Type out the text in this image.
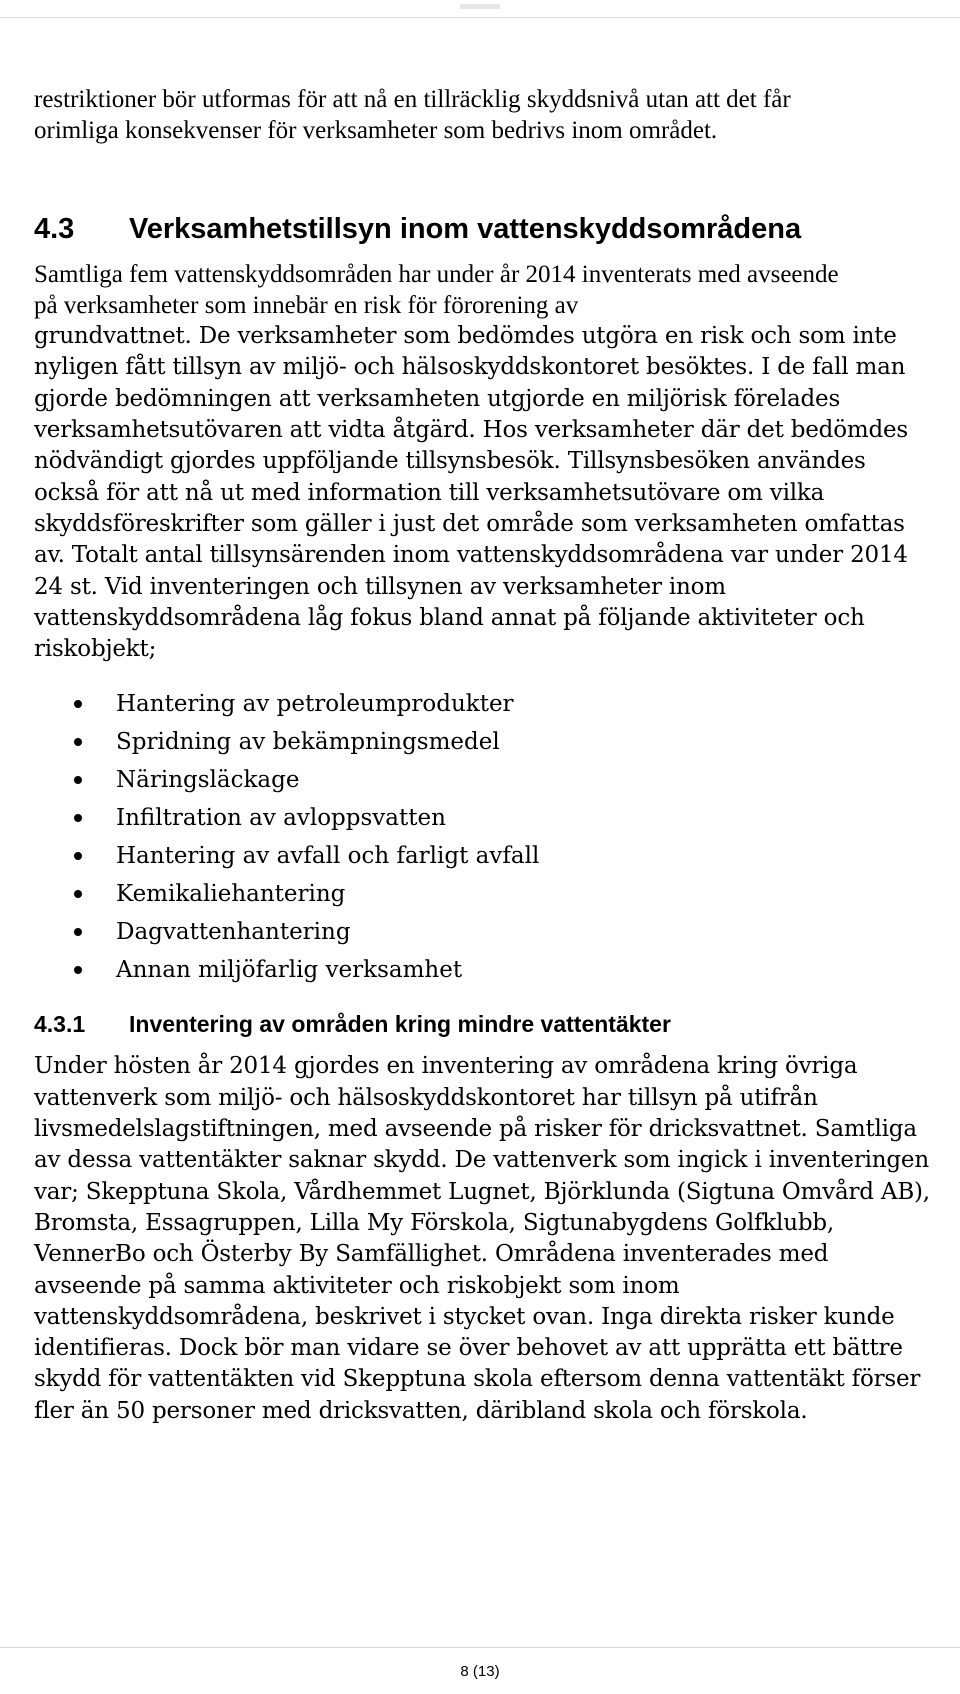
restriktioner bör utformas för att nå en tillräcklig skyddsnivå utan att det får
orimliga konsekvenser för verksamheter som bedrivs inom området.

4.3	Verksamhetstillsyn inom vattenskyddsområdena

Samtliga fem vattenskyddsområden har under år 2014 inventerats med avseende på verksamheter som innebär en risk för förorening av

grundvattnet. De verksamheter som bedömdes utgöra en risk och som inte nyligen fått tillsyn av miljö- och hälsoskyddskontoret besöktes. I de fall man gjorde bedömningen att verksamheten utgjorde en miljörisk förelades verksamhetsutövaren att vidta åtgärd. Hos verksamheter där det bedömdes nödvändigt gjordes uppföljande tillsynsbesök. Tillsynsbesöken användes också för att nå ut med information till verksamhetsutövare om vilka skyddsföreskrifter som gäller i just det område som verksamheten omfattas av. Totalt antal tillsynsärenden inom vattenskyddsområdena var under 2014 24 st. Vid inventeringen och tillsynen av verksamheter inom vattenskyddsområdena låg fokus bland annat på följande aktiviteter och riskobjekt;

Hantering av petroleumprodukter
Spridning av bekämpningsmedel
Näringsläckage
Infiltration av avloppsvatten
Hantering av avfall och farligt avfall
Kemikaliehantering
Dagvattenhantering
Annan miljöfarlig verksamhet
4.3.1	Inventering av områden kring mindre vattentäkter

Under hösten år 2014 gjordes en inventering av områdena kring övriga vattenverk som miljö- och hälsoskyddskontoret har tillsyn på utifrån livsmedelslagstiftningen, med avseende på risker för dricksvattnet. Samtliga av dessa vattentäkter saknar skydd. De vattenverk som ingick i inventeringen var; Skepptuna Skola, Vårdhemmet Lugnet, Björklunda (Sigtuna Omvård AB), Bromsta, Essagruppen, Lilla My Förskola, Sigtunabygdens Golfklubb, VennerBo och Österby By Samfällighet. Områdena inventerades med avseende på samma aktiviteter och riskobjekt som inom vattenskyddsområdena, beskrivet i stycket ovan. Inga direkta risker kunde identifieras. Dock bör man vidare se över behovet av att upprätta ett bättre skydd för vattentäkten vid Skepptuna skola eftersom denna vattentäkt förser fler än 50 personer med dricksvatten, däribland skola och förskola.

8 (13)
